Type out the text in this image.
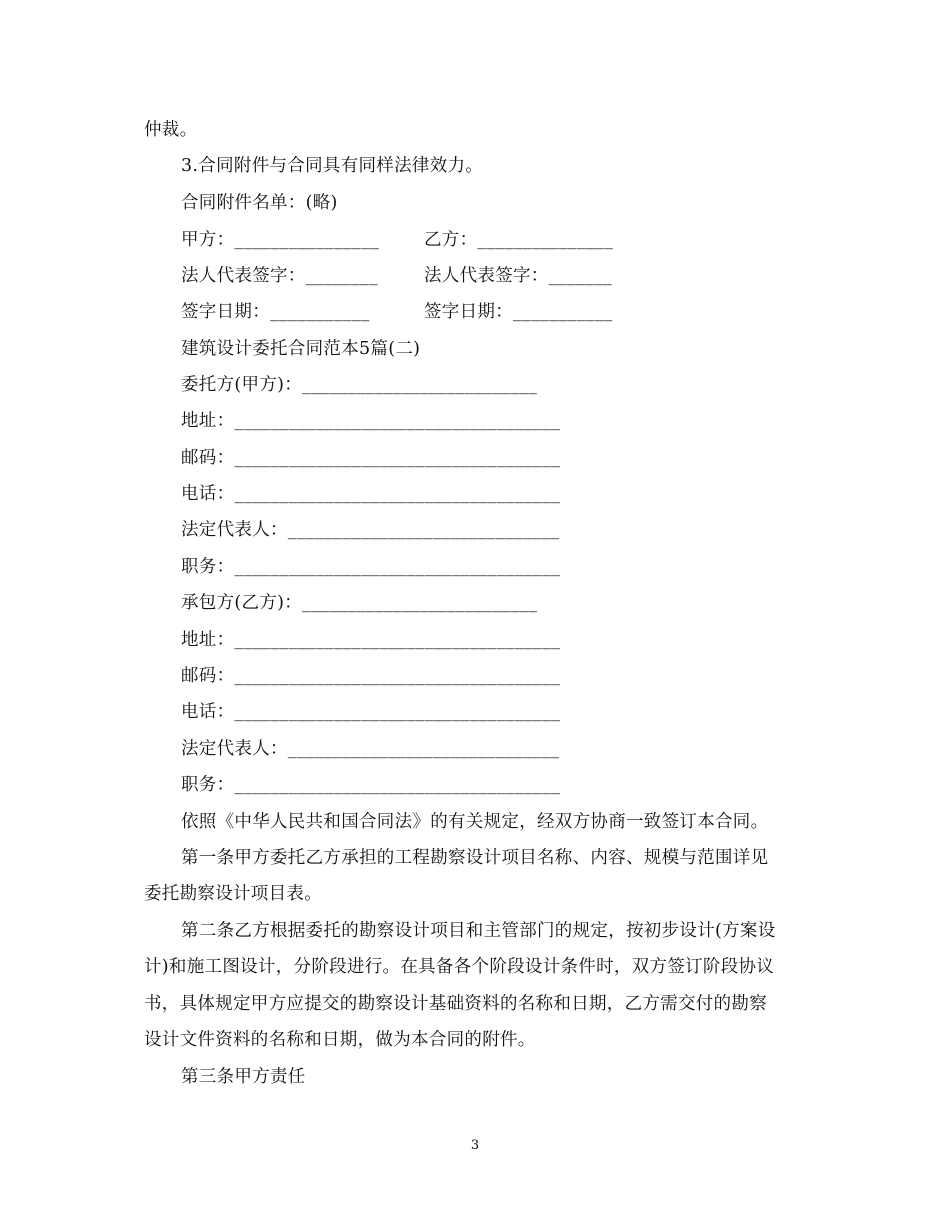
仲裁。
3.合同附件与合同具有同样法律效力。
合同附件名单：(略)
甲方：________________	乙方：_______________
法人代表签字：________	法人代表签字：_______
签字日期：___________	签字日期：___________
建筑设计委托合同范本5篇(二)
委托方(甲方)：__________________________
地址：____________________________________
邮码：____________________________________
电话：____________________________________
法定代表人：______________________________
职务：____________________________________
承包方(乙方)：__________________________
地址：____________________________________
邮码：____________________________________
电话：____________________________________
法定代表人：______________________________
职务：____________________________________
依照《中华人民共和国合同法》的有关规定，经双方协商一致签订本合同。
第一条甲方委托乙方承担的工程勘察设计项目名称、内容、规模与范围详见
委托勘察设计项目表。
第二条乙方根据委托的勘察设计项目和主管部门的规定，按初步设计(方案设
计)和施工图设计，分阶段进行。在具备各个阶段设计条件时，双方签订阶段协议
书，具体规定甲方应提交的勘察设计基础资料的名称和日期，乙方需交付的勘察
设计文件资料的名称和日期，做为本合同的附件。
第三条甲方责任
3
